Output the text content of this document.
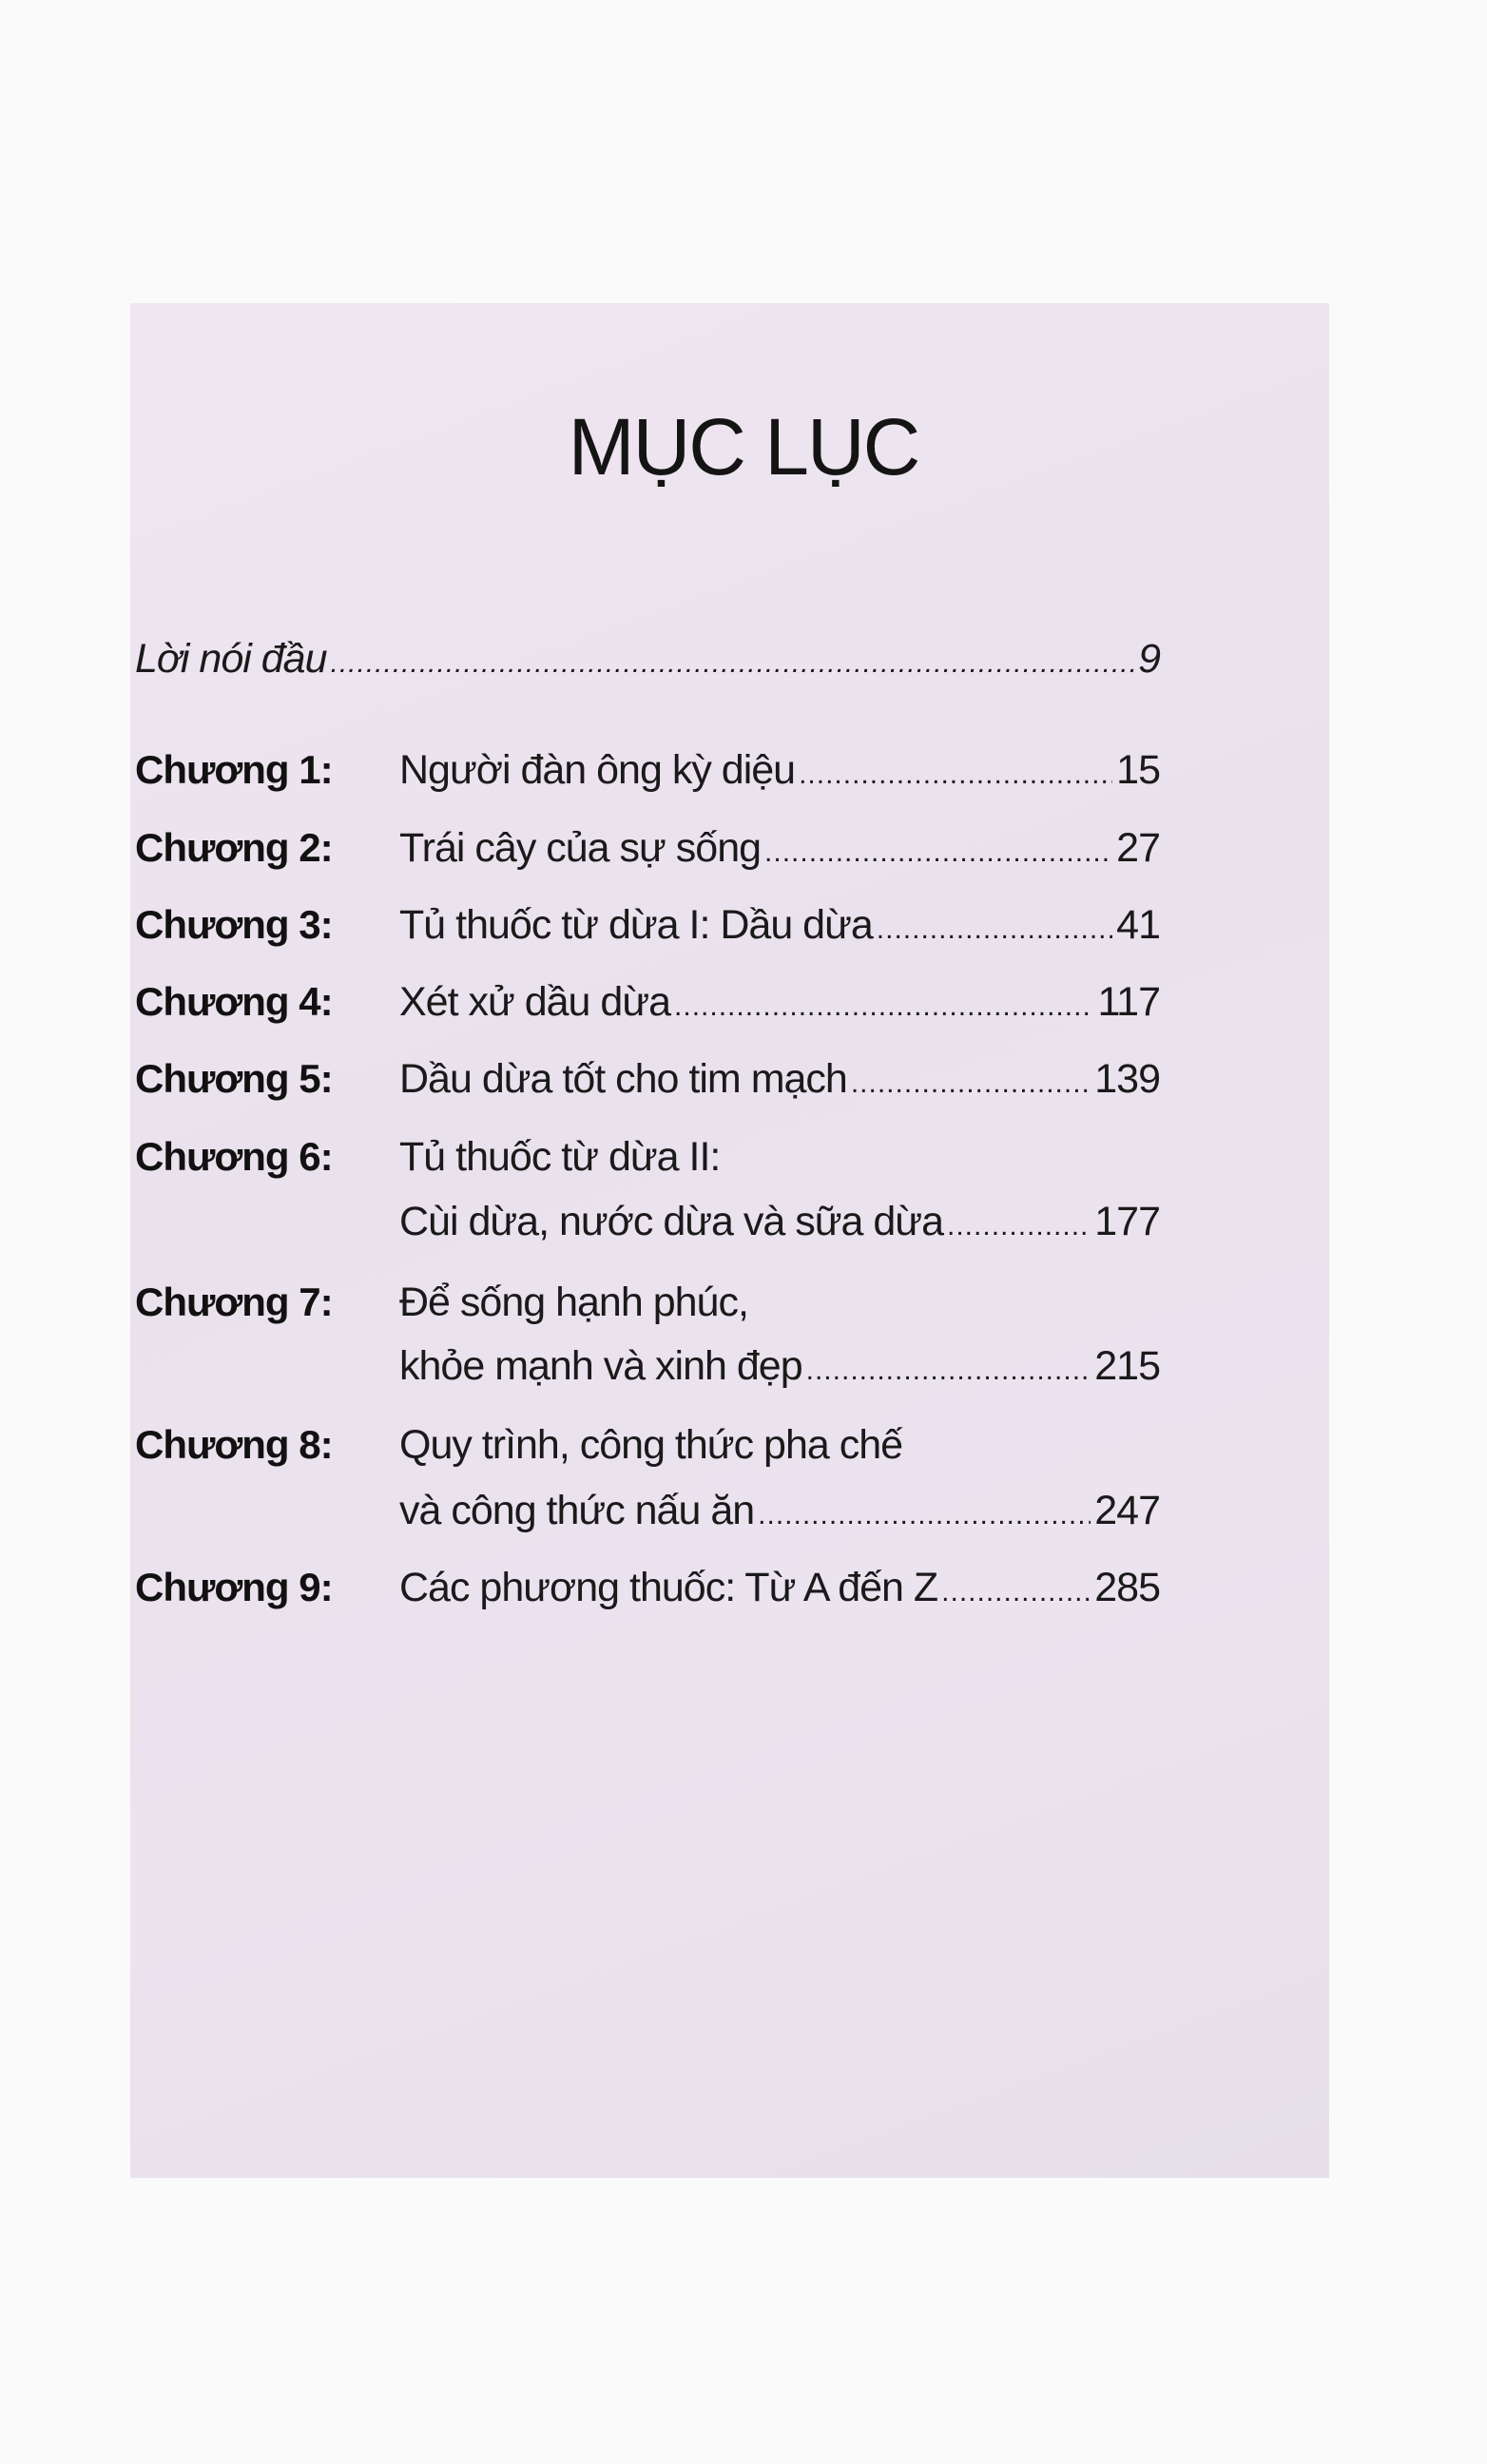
MỤC LỤC
Lời nói đầu .....	9
Chương 1: Người đàn ông kỳ diệu .....	15
Chương 2: Trái cây của sự sống .....	27
Chương 3: Tủ thuốc từ dừa I: Dầu dừa .....	41
Chương 4: Xét xử dầu dừa .....	117
Chương 5: Dầu dừa tốt cho tim mạch .....	139
Chương 6: Tủ thuốc từ dừa II:
Cùi dừa, nước dừa và sữa dừa .....	177
Chương 7: Để sống hạnh phúc,
khỏe mạnh và xinh đẹp .....	215
Chương 8: Quy trình, công thức pha chế
và công thức nấu ăn .....	247
Chương 9: Các phương thuốc: Từ A đến Z .....	285
